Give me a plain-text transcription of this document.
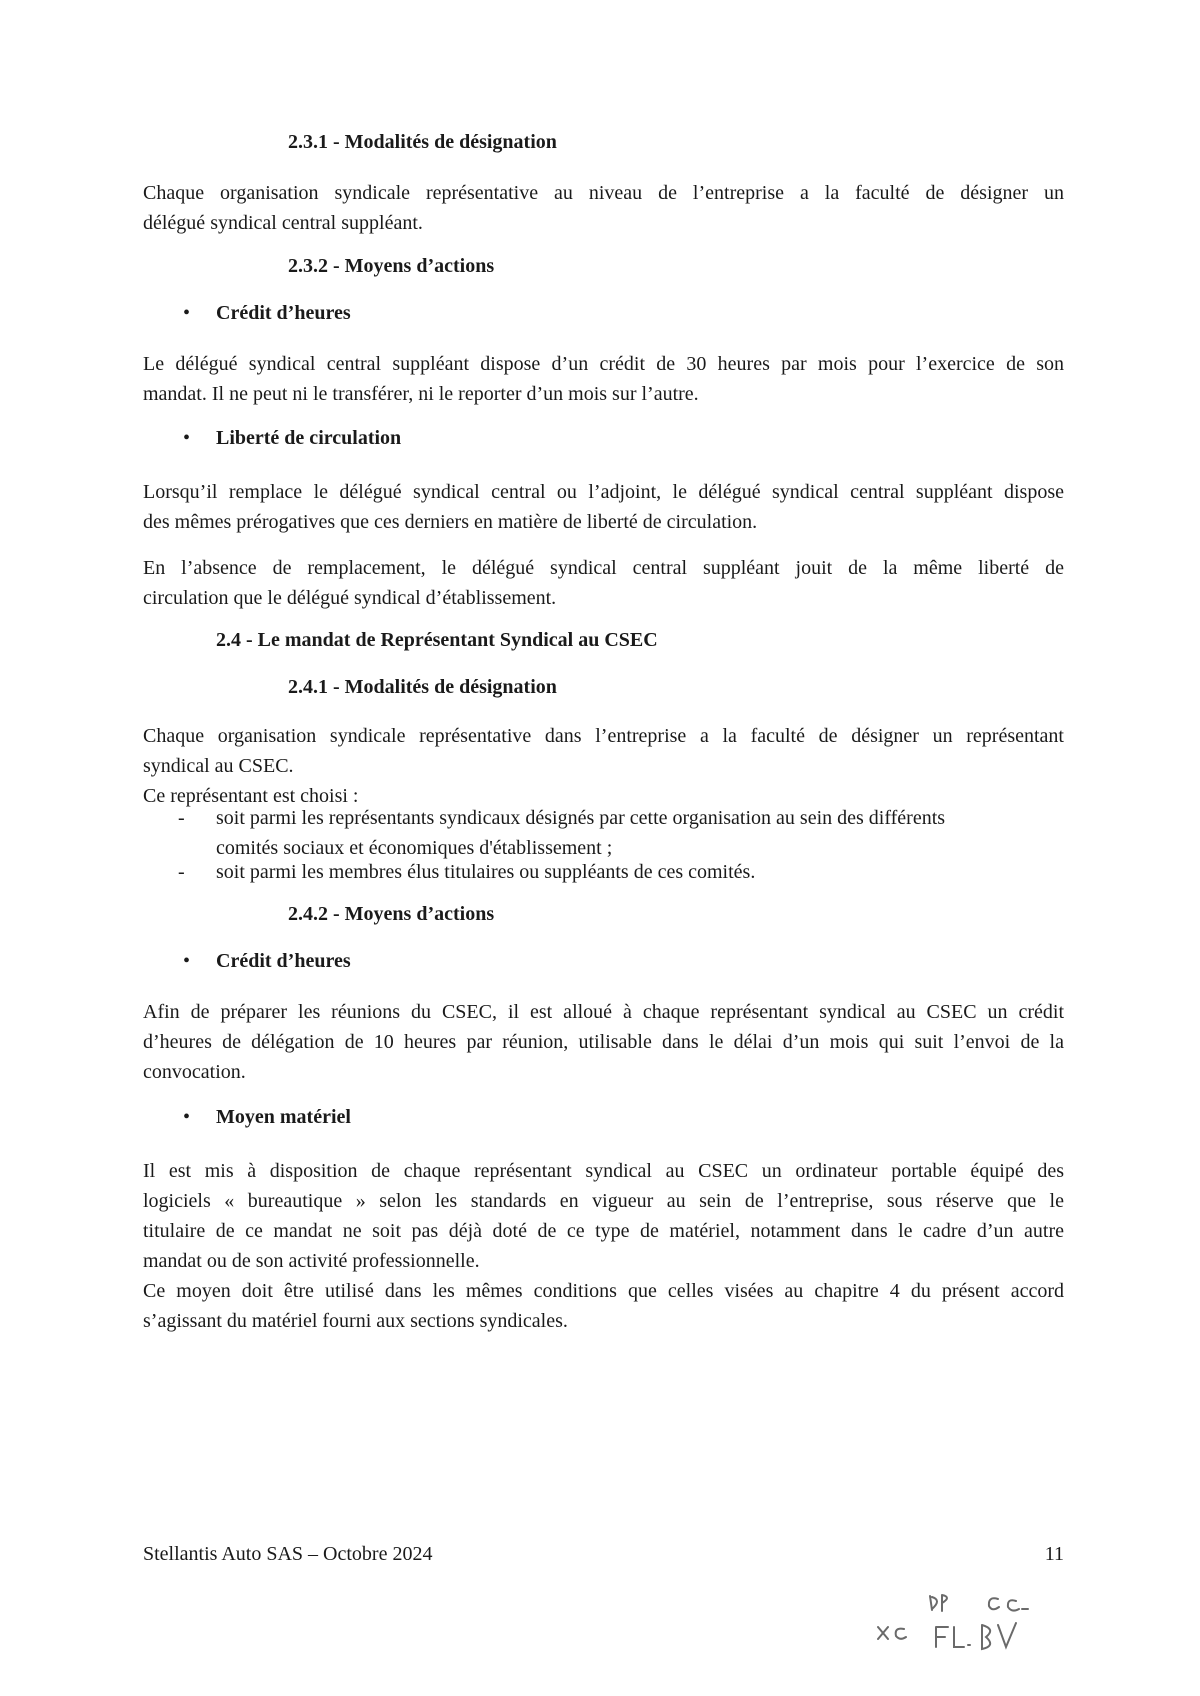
2.3.1 - Modalités de désignation
Chaque organisation syndicale représentative au niveau de l’entreprise a la faculté de désigner un
délégué syndical central suppléant.
2.3.2 - Moyens d’actions
• Crédit d’heures
Le délégué syndical central suppléant dispose d’un crédit de 30 heures par mois pour l’exercice de son
mandat. Il ne peut ni le transférer, ni le reporter d’un mois sur l’autre.
• Liberté de circulation
Lorsqu’il remplace le délégué syndical central ou l’adjoint, le délégué syndical central suppléant dispose
des mêmes prérogatives que ces derniers en matière de liberté de circulation.
En l’absence de remplacement, le délégué syndical central suppléant jouit de la même liberté de
circulation que le délégué syndical d’établissement.
2.4 - Le mandat de Représentant Syndical au CSEC
2.4.1 - Modalités de désignation
Chaque organisation syndicale représentative dans l’entreprise a la faculté de désigner un représentant
syndical au CSEC.
Ce représentant est choisi :
- soit parmi les représentants syndicaux désignés par cette organisation au sein des différents
comités sociaux et économiques d'établissement ;
- soit parmi les membres élus titulaires ou suppléants de ces comités.
2.4.2 - Moyens d’actions
• Crédit d’heures
Afin de préparer les réunions du CSEC, il est alloué à chaque représentant syndical au CSEC un crédit
d’heures de délégation de 10 heures par réunion, utilisable dans le délai d’un mois qui suit l’envoi de la
convocation.
• Moyen matériel
Il est mis à disposition de chaque représentant syndical au CSEC un ordinateur portable équipé des
logiciels « bureautique » selon les standards en vigueur au sein de l’entreprise, sous réserve que le
titulaire de ce mandat ne soit pas déjà doté de ce type de matériel, notamment dans le cadre d’un autre
mandat ou de son activité professionnelle.
Ce moyen doit être utilisé dans les mêmes conditions que celles visées au chapitre 4 du présent accord
s’agissant du matériel fourni aux sections syndicales.
Stellantis Auto SAS – Octobre 2024	11
